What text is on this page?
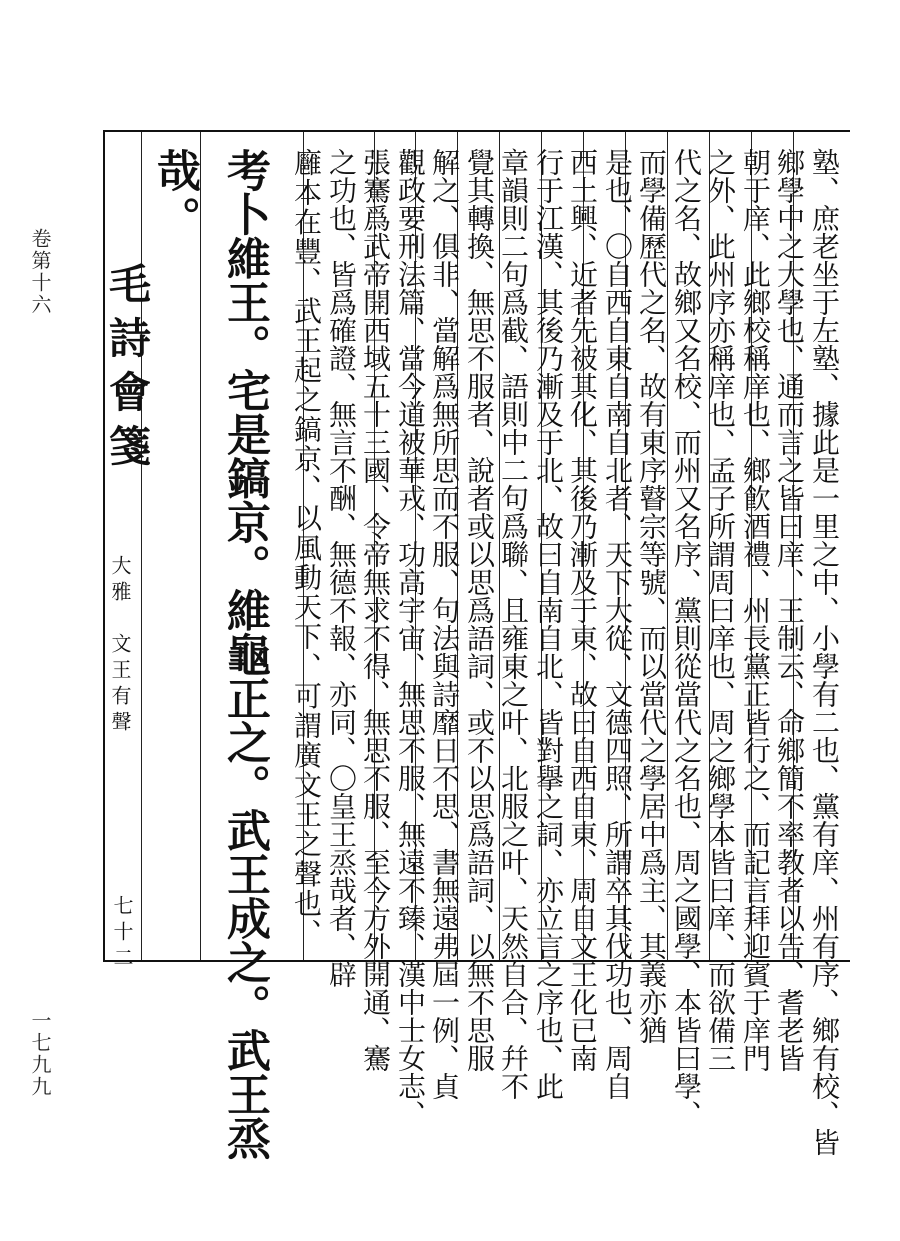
卷第十六
一七九九
毛詩會箋
大雅　文王有聲
七十二	塾、庶老坐于左塾、據此是一里之中、小學有二也、黨有庠、州有序、鄉有校、皆
鄉學中之大學也、通而言之皆曰庠、王制云、命鄉簡不率教者以告、耆老皆
朝于庠、此鄉校稱庠也、鄉飮酒禮、州長黨正皆行之、而記言拜迎賓于庠門
之外、此州序亦稱庠也、孟子所謂周曰庠也、周之鄉學本皆曰庠、而欲備三
代之名、故鄉又名校、而州又名序、黨則從當代之名也、周之國學、本皆曰學、
而學備歷代之名、故有東序瞽宗等號、而以當代之學居中爲主、其義亦猶
是也、〇自西自東自南自北者、天下大從、文德四照、所謂卒其伐功也、周自
西土興、近者先被其化、其後乃漸及于東、故曰自西自東、周自文王化已南
行于江漢、其後乃漸及于北、故曰自南自北、皆對擧之詞、亦立言之序也、此
章韻則二句爲截、語則中二句爲聯、且雍東之叶、北服之叶、天然自合、幷不
覺其轉換、無思不服者、說者或以思爲語詞、或不以思爲語詞、以無不思服
解之、俱非、當解爲無所思而不服、句法與詩靡日不思、書無遠弗屆一例、貞
觀政要刑法篇、當今道被華戎、功高宇宙、無思不服、無遠不臻、漢中士女志、
張騫爲武帝開西域五十三國、令帝無求不得、無思不服、至今方外開通、騫
之功也、皆爲確證、無言不酬、無德不報、亦同、〇皇王烝哉者、辟
廱本在豐、武王起之鎬京、以風動天下、可謂廣文王之聲也、
考卜維王。宅是鎬京。維龜正之。武王成之。武王烝
哉。
